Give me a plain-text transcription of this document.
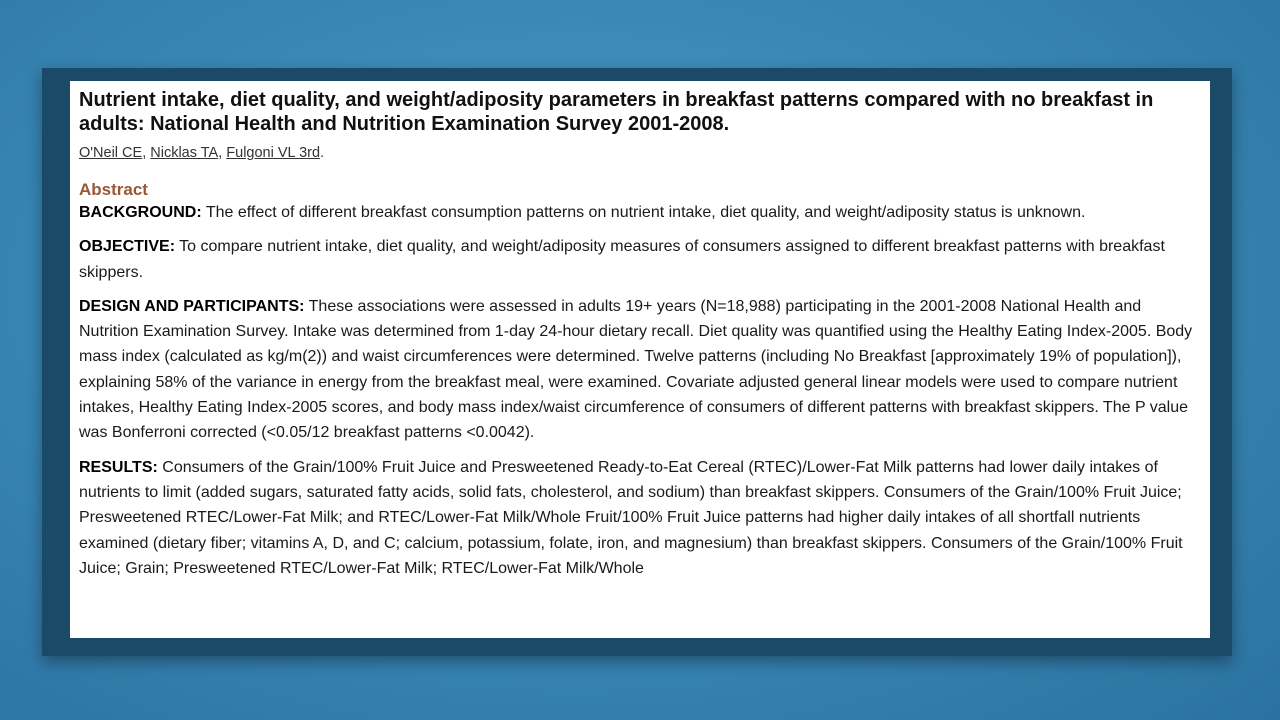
Nutrient intake, diet quality, and weight/adiposity parameters in breakfast patterns compared with no breakfast in adults: National Health and Nutrition Examination Survey 2001-2008.
O'Neil CE, Nicklas TA, Fulgoni VL 3rd.
Abstract

BACKGROUND: The effect of different breakfast consumption patterns on nutrient intake, diet quality, and weight/adiposity status is unknown.

OBJECTIVE: To compare nutrient intake, diet quality, and weight/adiposity measures of consumers assigned to different breakfast patterns with breakfast skippers.

DESIGN AND PARTICIPANTS: These associations were assessed in adults 19+ years (N=18,988) participating in the 2001-2008 National Health and Nutrition Examination Survey. Intake was determined from 1-day 24-hour dietary recall. Diet quality was quantified using the Healthy Eating Index-2005. Body mass index (calculated as kg/m(2)) and waist circumferences were determined. Twelve patterns (including No Breakfast [approximately 19% of population]), explaining 58% of the variance in energy from the breakfast meal, were examined. Covariate adjusted general linear models were used to compare nutrient intakes, Healthy Eating Index-2005 scores, and body mass index/waist circumference of consumers of different patterns with breakfast skippers. The P value was Bonferroni corrected (<0.05/12 breakfast patterns <0.0042).

RESULTS: Consumers of the Grain/100% Fruit Juice and Presweetened Ready-to-Eat Cereal (RTEC)/Lower-Fat Milk patterns had lower daily intakes of nutrients to limit (added sugars, saturated fatty acids, solid fats, cholesterol, and sodium) than breakfast skippers. Consumers of the Grain/100% Fruit Juice; Presweetened RTEC/Lower-Fat Milk; and RTEC/Lower-Fat Milk/Whole Fruit/100% Fruit Juice patterns had higher daily intakes of all shortfall nutrients examined (dietary fiber; vitamins A, D, and C; calcium, potassium, folate, iron, and magnesium) than breakfast skippers. Consumers of the Grain/100% Fruit Juice; Grain; Presweetened RTEC/Lower-Fat Milk; RTEC/Lower-Fat Milk/Whole
